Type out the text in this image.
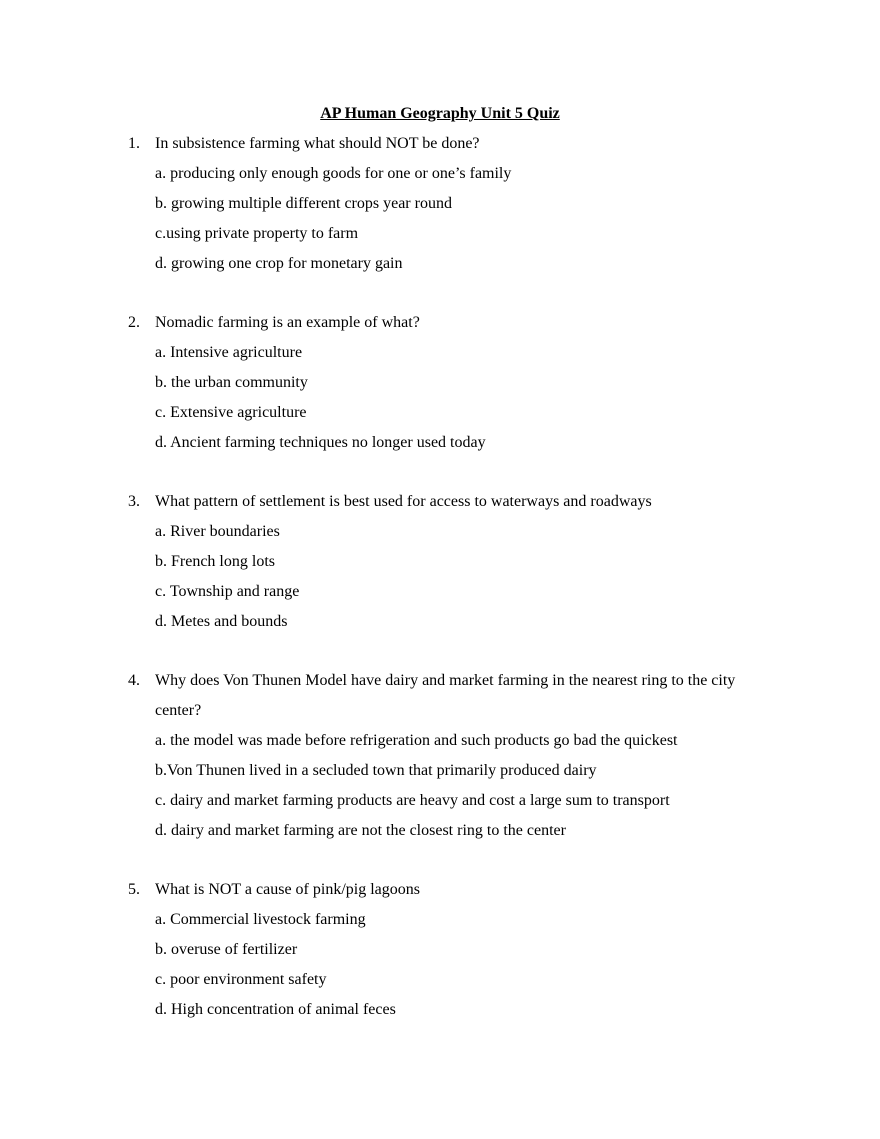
AP Human Geography Unit 5 Quiz
1. In subsistence farming what should NOT be done?
a. producing only enough goods for one or one’s family
b. growing multiple different crops year round
c.using private property to farm
d. growing one crop for monetary gain
2. Nomadic farming is an example of what?
a. Intensive agriculture
b. the urban community
c. Extensive agriculture
d. Ancient farming techniques no longer used today
3. What pattern of settlement is best used for access to waterways and roadways
a. River boundaries
b. French long lots
c. Township and range
d. Metes and bounds
4. Why does Von Thunen Model have dairy and market farming in the nearest ring to the city center?
a. the model was made before refrigeration and such products go bad the quickest
b.Von Thunen lived in a secluded town that primarily produced dairy
c. dairy and market farming products are heavy and cost a large sum to transport
d. dairy and market farming are not the closest ring to the center
5. What is NOT a cause of pink/pig lagoons
a. Commercial livestock farming
b. overuse of fertilizer
c. poor environment safety
d. High concentration of animal feces
